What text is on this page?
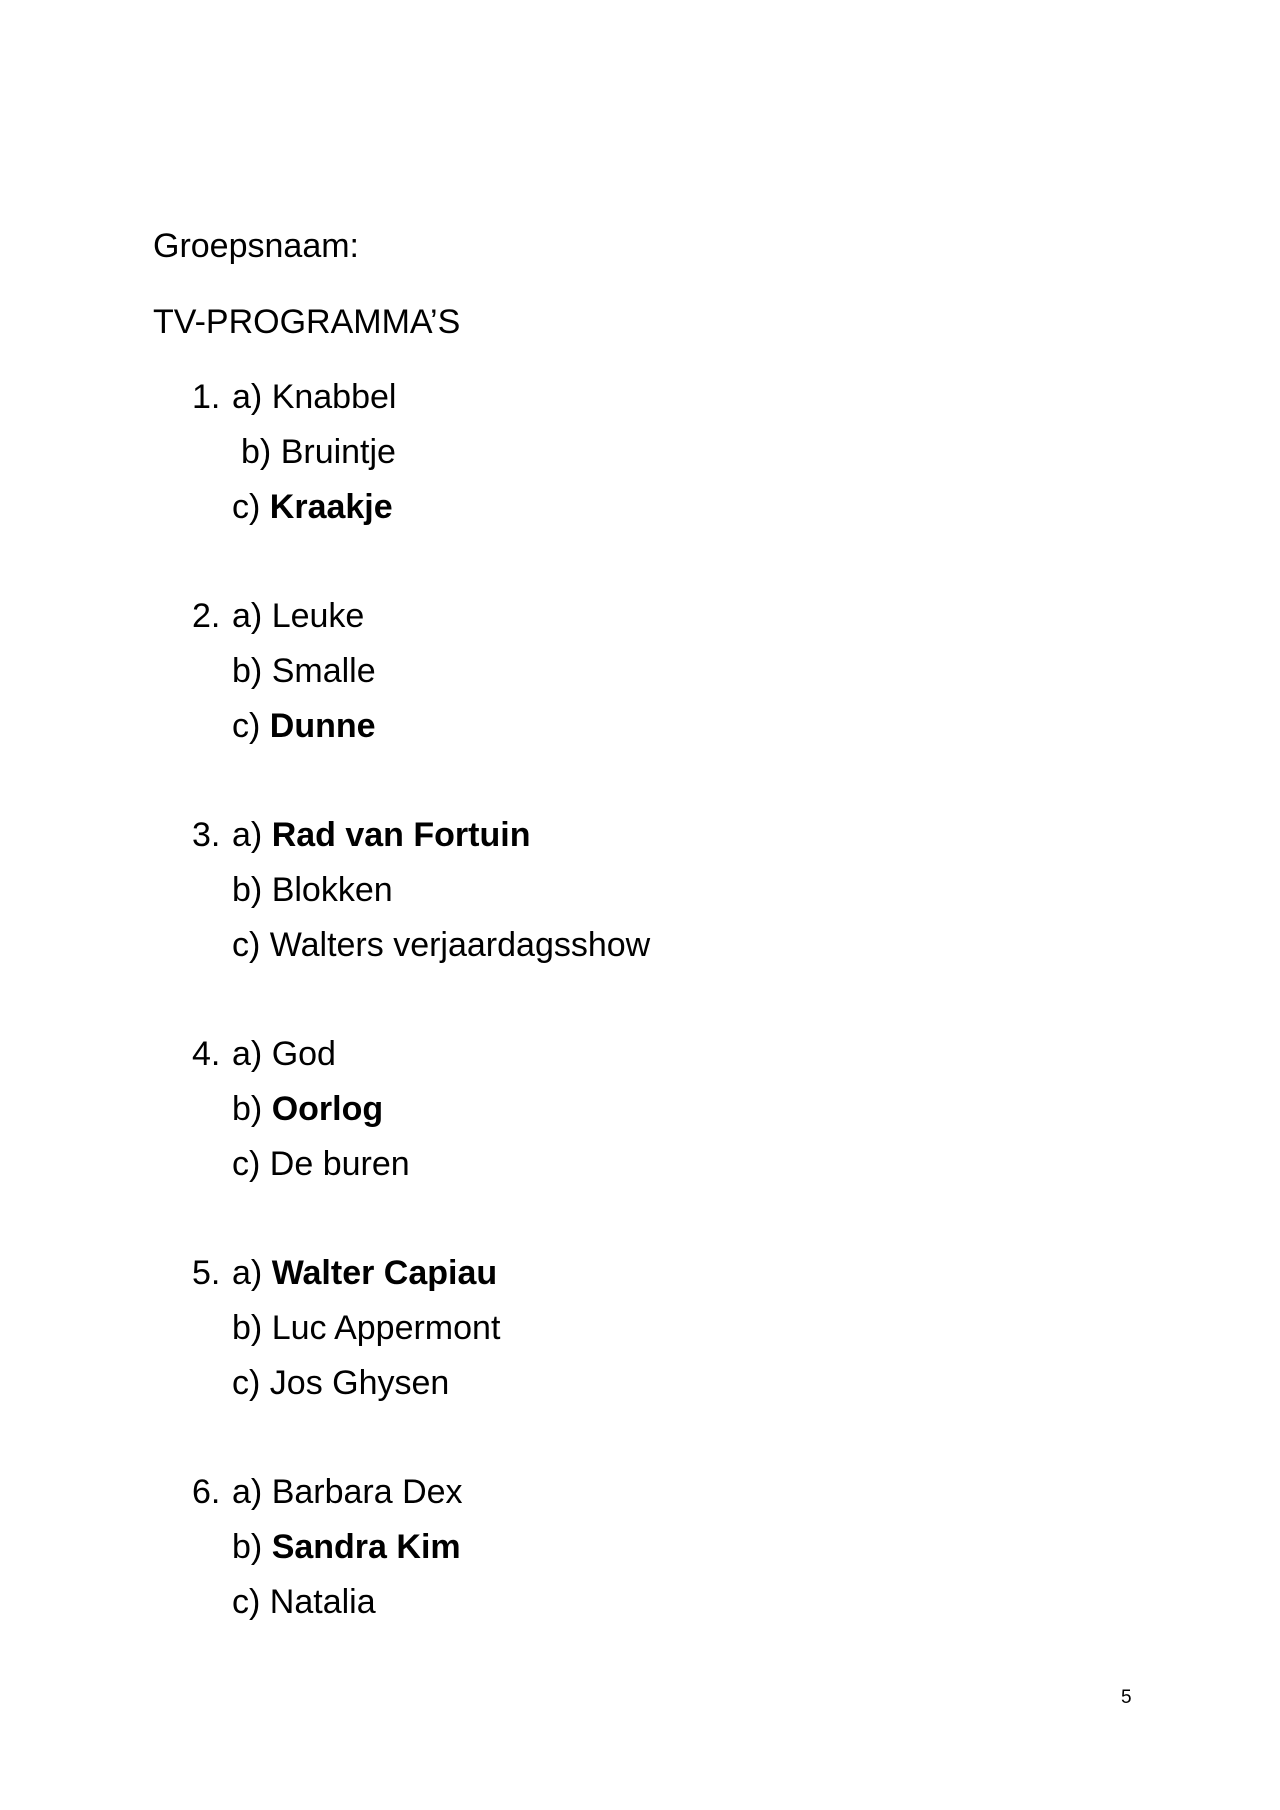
Groepsnaam:

TV-PROGRAMMA’S

1. a) Knabbel
b) Bruintje
c) Kraakje
2. a) Leuke
b) Smalle
c) Dunne
3. a) Rad van Fortuin
b) Blokken
c) Walters verjaardagsshow
4. a) God
b) Oorlog
c) De buren
5. a) Walter Capiau
b) Luc Appermont
c) Jos Ghysen
6. a) Barbara Dex
b) Sandra Kim
c) Natalia
5
